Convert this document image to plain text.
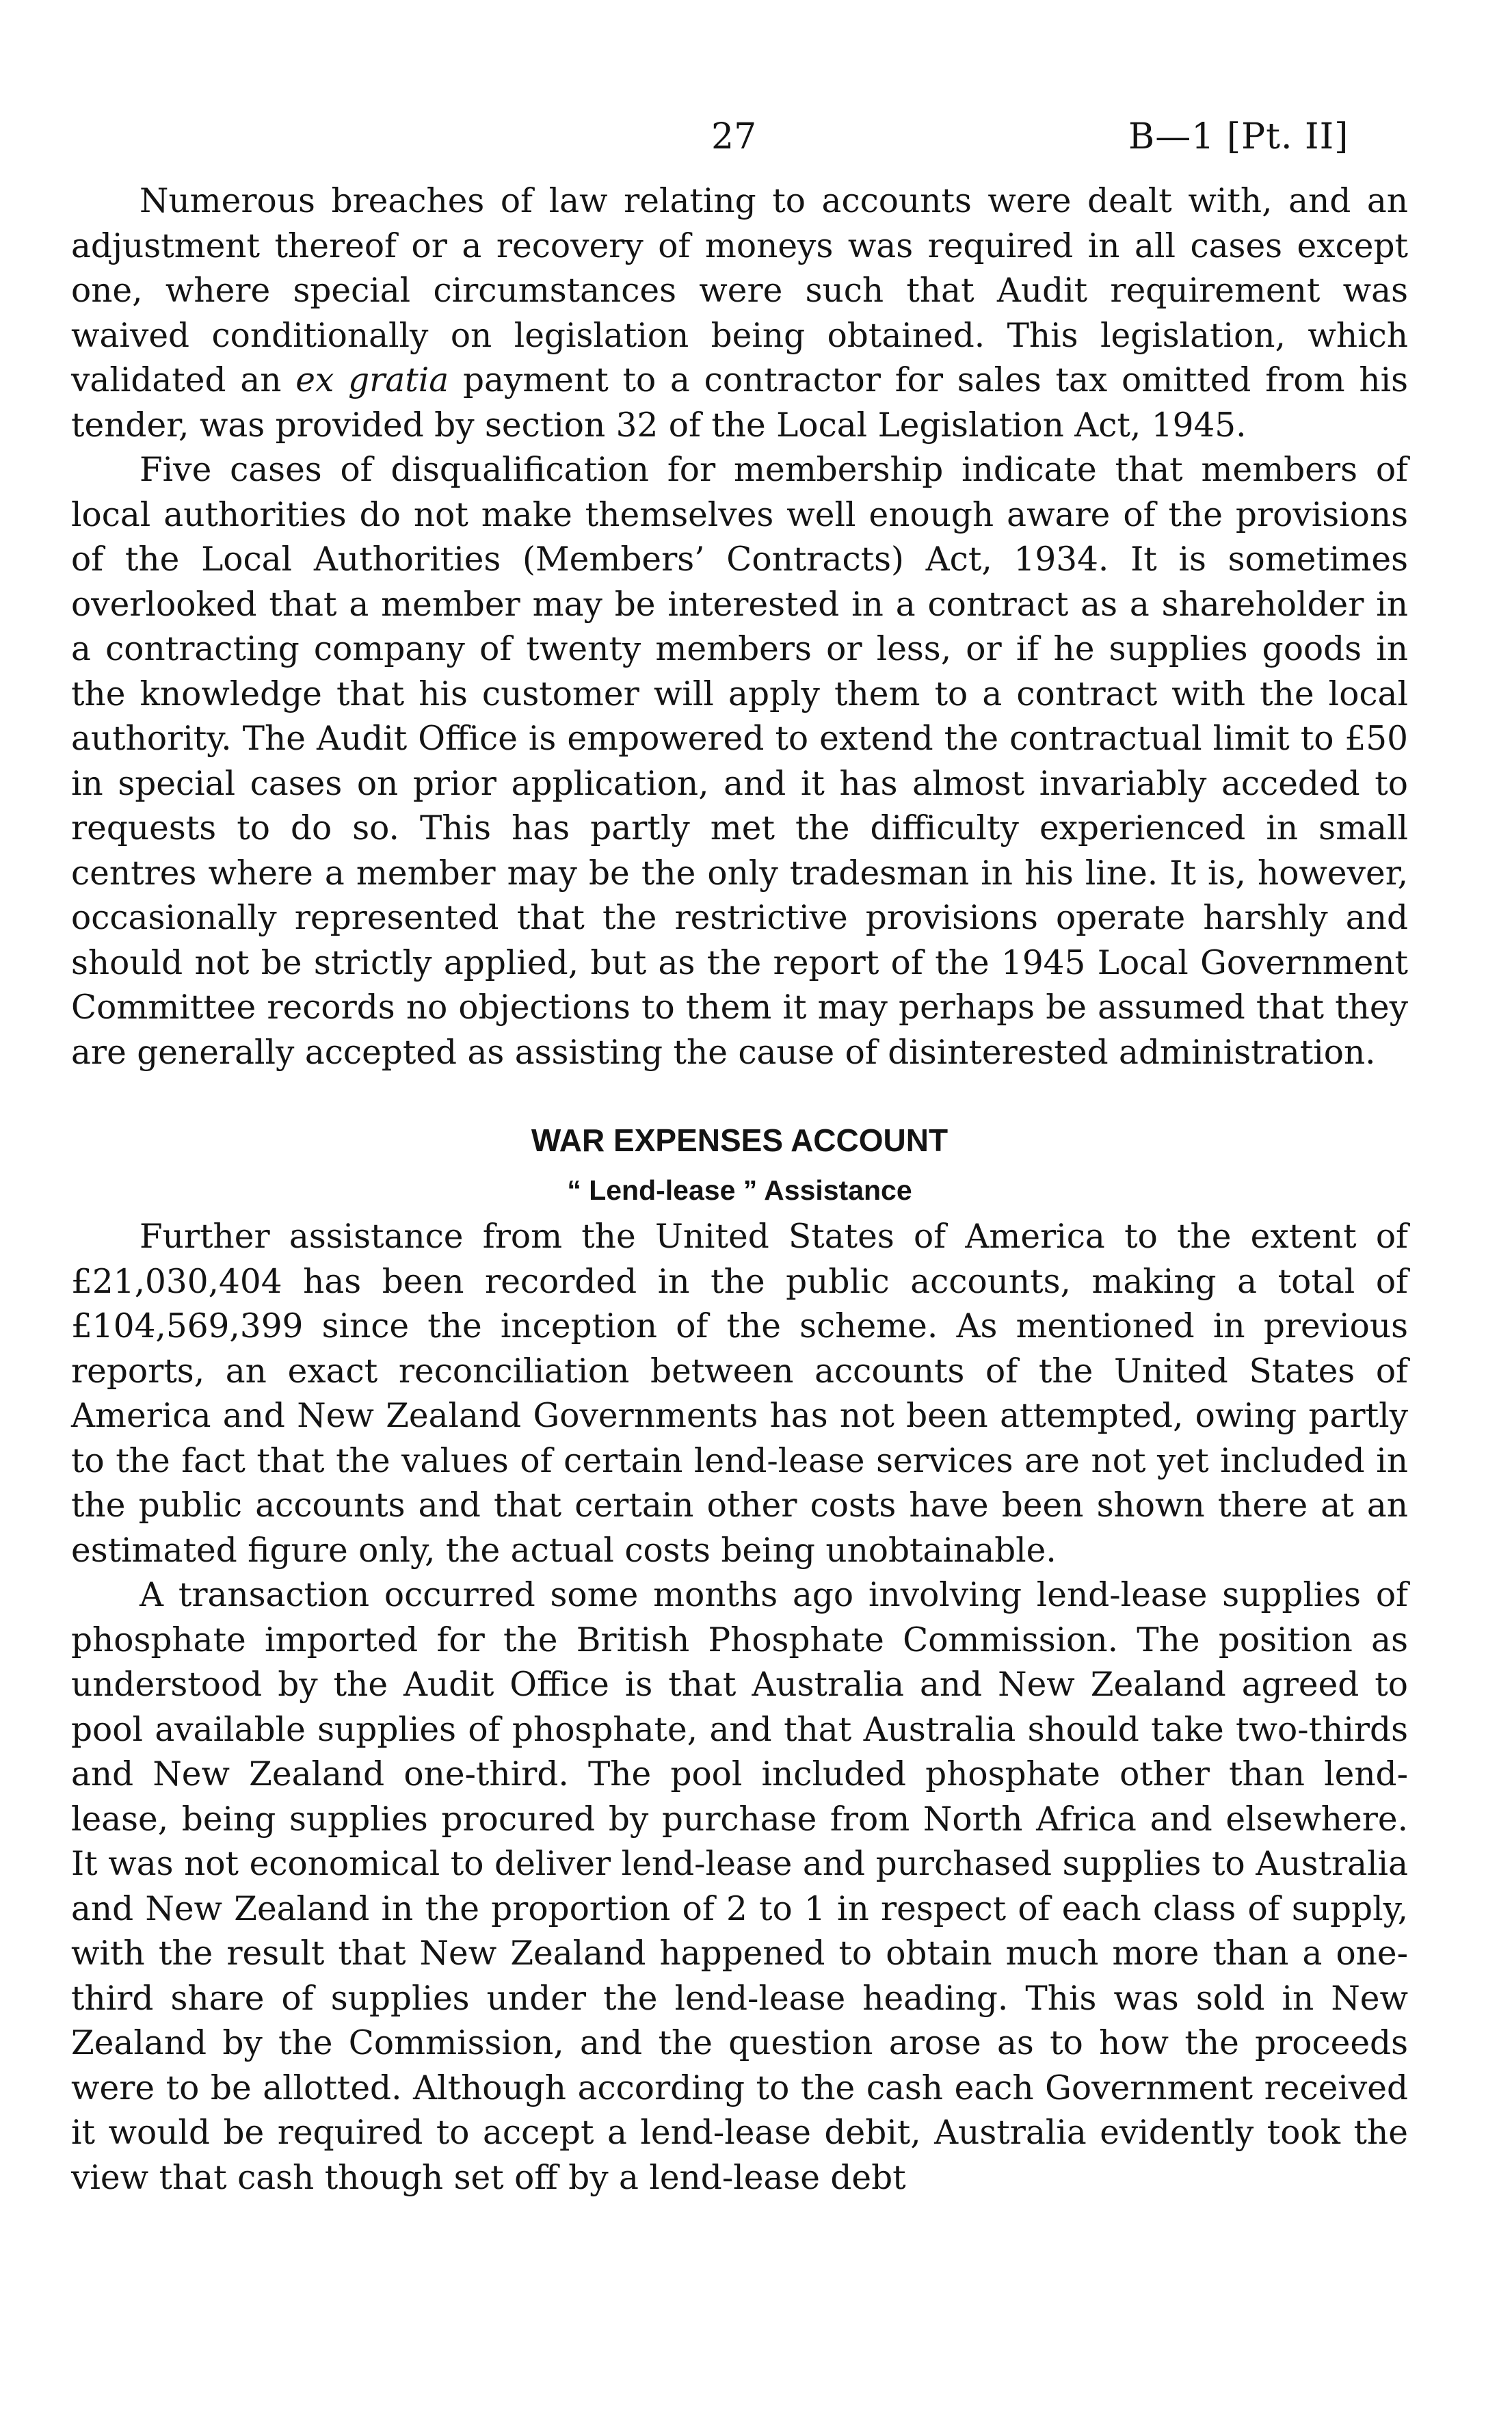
27	B—1 [Pt. II]

Numerous breaches of law relating to accounts were dealt with, and an adjustment thereof or a recovery of moneys was required in all cases except one, where special circumstances were such that Audit requirement was waived conditionally on legislation being obtained. This legislation, which validated an ex gratia payment to a contractor for sales tax omitted from his tender, was provided by section 32 of the Local Legislation Act, 1945.

Five cases of disqualification for membership indicate that members of local authorities do not make themselves well enough aware of the provisions of the Local Authorities (Members’ Contracts) Act, 1934. It is sometimes overlooked that a member may be interested in a contract as a shareholder in a contracting company of twenty members or less, or if he supplies goods in the knowledge that his customer will apply them to a contract with the local authority. The Audit Office is empowered to extend the contractual limit to £50 in special cases on prior application, and it has almost invariably acceded to requests to do so. This has partly met the difficulty experienced in small centres where a member may be the only tradesman in his line. It is, however, occasionally represented that the restrictive provisions operate harshly and should not be strictly applied, but as the report of the 1945 Local Government Committee records no objections to them it may perhaps be assumed that they are generally accepted as assisting the cause of disinterested administration.

WAR EXPENSES ACCOUNT
“ Lend-lease ” Assistance

Further assistance from the United States of America to the extent of £21,030,404 has been recorded in the public accounts, making a total of £104,569,399 since the inception of the scheme. As mentioned in previous reports, an exact reconciliation between accounts of the United States of America and New Zealand Governments has not been attempted, owing partly to the fact that the values of certain lend-lease services are not yet included in the public accounts and that certain other costs have been shown there at an estimated figure only, the actual costs being unobtainable.

A transaction occurred some months ago involving lend-lease supplies of phosphate imported for the British Phosphate Commission. The position as understood by the Audit Office is that Australia and New Zealand agreed to pool available supplies of phosphate, and that Australia should take two-thirds and New Zealand one-third. The pool included phosphate other than lend-lease, being supplies procured by purchase from North Africa and elsewhere. It was not economical to deliver lend-lease and purchased supplies to Australia and New Zealand in the proportion of 2 to 1 in respect of each class of supply, with the result that New Zealand happened to obtain much more than a one-third share of supplies under the lend-lease heading. This was sold in New Zealand by the Commission, and the question arose as to how the proceeds were to be allotted. Although according to the cash each Government received it would be required to accept a lend-lease debit, Australia evidently took the view that cash though set off by a lend-lease debt
